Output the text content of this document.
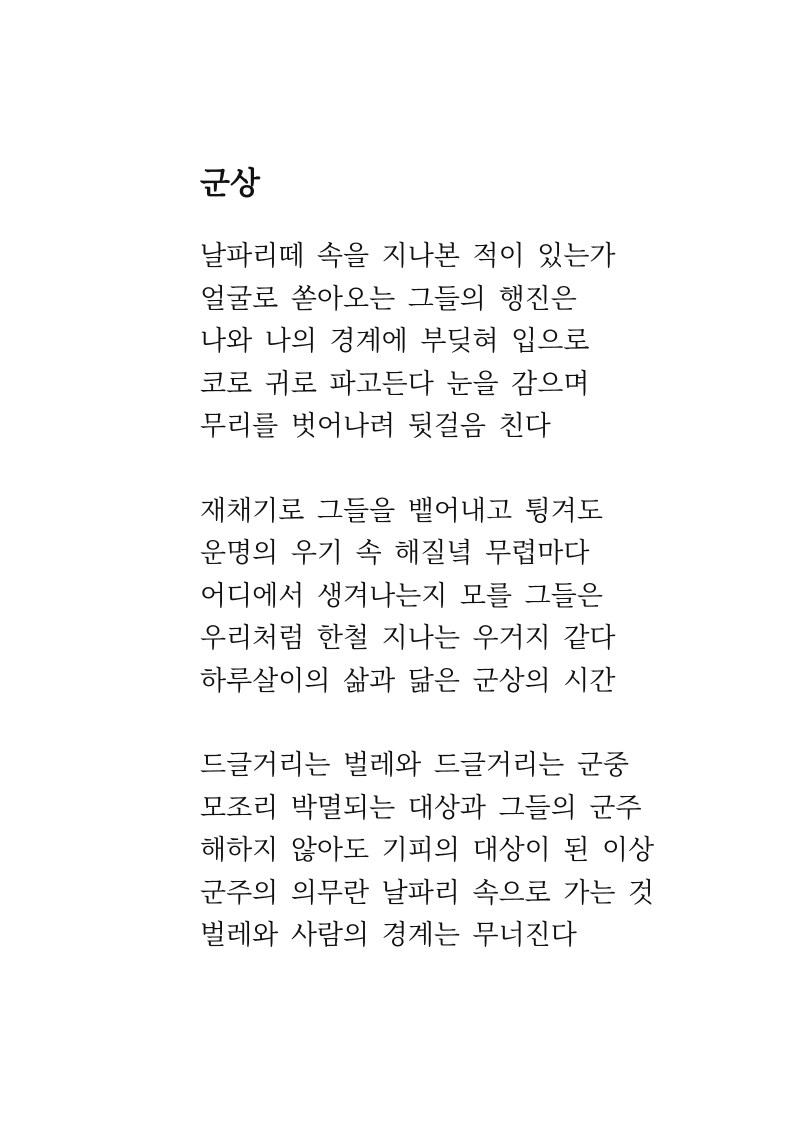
군상
날파리떼 속을 지나본 적이 있는가
얼굴로 쏟아오는 그들의 행진은
나와 나의 경계에 부딪혀 입으로
코로 귀로 파고든다 눈을 감으며
무리를 벗어나려 뒷걸음 친다
재채기로 그들을 뱉어내고 튕겨도
운명의 우기 속 해질녘 무렵마다
어디에서 생겨나는지 모를 그들은
우리처럼 한철 지나는 우거지 같다
하루살이의 삶과 닮은 군상의 시간
드글거리는 벌레와 드글거리는 군중
모조리 박멸되는 대상과 그들의 군주
해하지 않아도 기피의 대상이 된 이상
군주의 의무란 날파리 속으로 가는 것
벌레와 사람의 경계는 무너진다
